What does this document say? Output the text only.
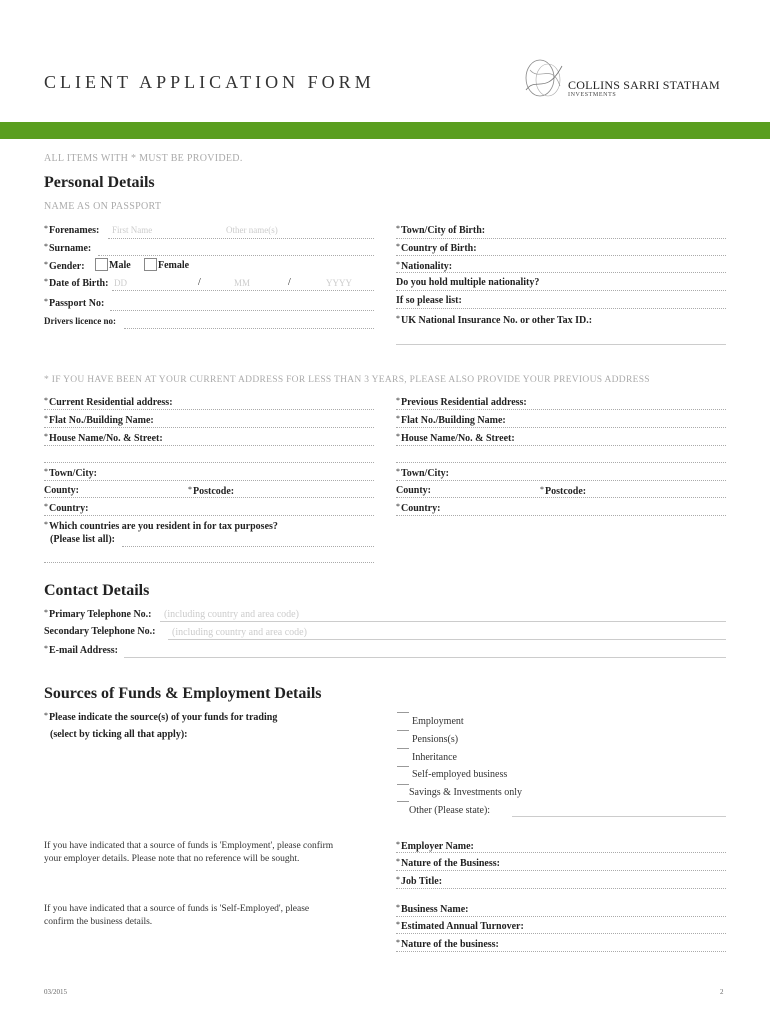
CLIENT APPLICATION FORM	COLLINS SARRI STATHAM
INVESTMENTS
ALL ITEMS WITH * MUST BE PROVIDED.
Personal Details
NAME AS ON PASSPORT
*Forenames: First Name	Other name(s)
*Surname:
*Gender: Male	Female
*Date of Birth: DD	/	MM	/	YYYY
*Passport No:
Drivers licence no:
*Town/City of Birth:
*Country of Birth:
*Nationality:
Do you hold multiple nationality?
If so please list:
*UK National Insurance No. or other Tax ID.:
* IF YOU HAVE BEEN AT YOUR CURRENT ADDRESS FOR LESS THAN 3 YEARS, PLEASE ALSO PROVIDE YOUR PREVIOUS ADDRESS
*Current Residential address:
*Flat No./Building Name:
*House Name/No. & Street:
*Town/City:
County:	*Postcode:
*Country:
*Which countries are you resident in for tax purposes?
(Please list all):
*Previous Residential address:
*Flat No./Building Name:
*House Name/No. & Street:
*Town/City:
County:	*Postcode:
*Country:
Contact Details
*Primary Telephone No.: (including country and area code)
Secondary Telephone No.: (including country and area code)
*E-mail Address:
Sources of Funds & Employment Details
*Please indicate the source(s) of your funds for trading
(select by ticking all that apply):
Employment
Pensions(s)
Inheritance
Self-employed business
Savings & Investments only
Other (Please state):
If you have indicated that a source of funds is 'Employment', please confirm your employer details. Please note that no reference will be sought.
*Employer Name:
*Nature of the Business:
*Job Title:
If you have indicated that a source of funds is 'Self-Employed', please confirm the business details.
*Business Name:
*Estimated Annual Turnover:
*Nature of the business:
03/2015	2
